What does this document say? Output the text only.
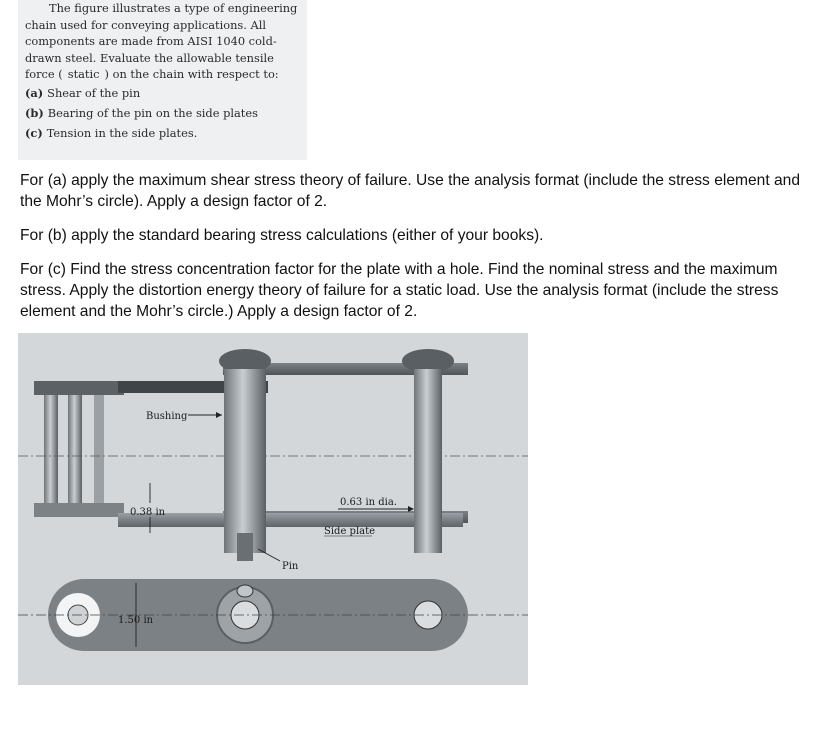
The figure illustrates a type of engineering chain used for conveying applications. All components are made from AISI 1040 cold-drawn steel. Evaluate the allowable tensile force ( static ) on the chain with respect to:

(a) Shear of the pin
(b) Bearing of the pin on the side plates
(c) Tension in the side plates.

For (a) apply the maximum shear stress theory of failure. Use the analysis format (include the stress element and the Mohr’s circle). Apply a design factor of 2.

For (b) apply the standard bearing stress calculations (either of your books).

For (c) Find the stress concentration factor for the plate with a hole. Find the nominal stress and the maximum stress. Apply the distortion energy theory of failure for a static load. Use the analysis format (include the stress element and the Mohr’s circle.) Apply a design factor of 2.

Bushing
0.38 in
0.63 in dia.
Side plate
Pin
1.50 in
